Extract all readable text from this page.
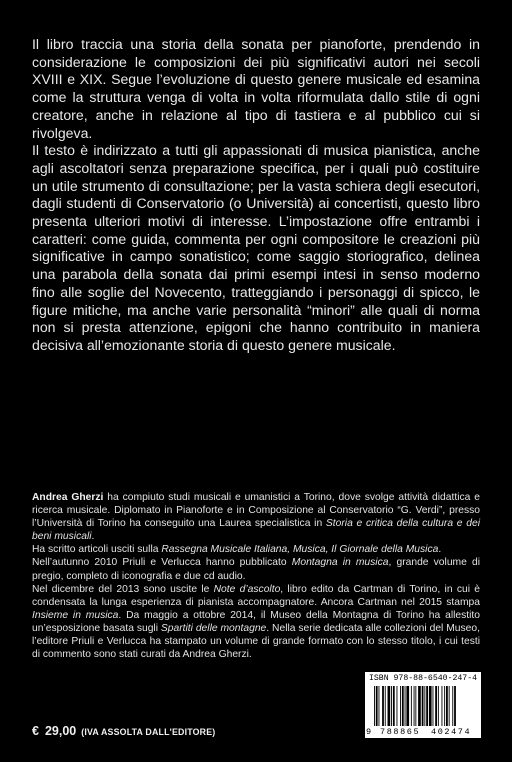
Il libro traccia una storia della sonata per pianoforte, prendendo in considerazione le composizioni dei più significativi autori nei secoli XVIII e XIX. Segue l’evoluzione di questo genere musicale ed esamina come la struttura venga di volta in volta riformulata dallo stile di ogni creatore, anche in relazione al tipo di tastiera e al pubblico cui si rivolgeva.

Il testo è indirizzato a tutti gli appassionati di musica pianistica, anche agli ascoltatori senza preparazione specifica, per i quali può costituire un utile strumento di consultazione; per la vasta schiera degli esecutori, dagli studenti di Conservatorio (o Università) ai concertisti, questo libro presenta ulteriori motivi di interesse. L’impostazione offre entrambi i caratteri: come guida, commenta per ogni compositore le creazioni più significative in campo sonatistico; come saggio storiografico, delinea una parabola della sonata dai primi esempi intesi in senso moderno fino alle soglie del Novecento, tratteggiando i personaggi di spicco, le figure mitiche, ma anche varie personalità “minori” alle quali di norma non si presta attenzione, epigoni che hanno contribuito in maniera decisiva all’emozionante storia di questo genere musicale.

Andrea Gherzi ha compiuto studi musicali e umanistici a Torino, dove svolge attività didattica e ricerca musicale. Diplomato in Pianoforte e in Composizione al Conservatorio “G. Verdi”, presso l’Università di Torino ha conseguito una Laurea specialistica in Storia e critica della cultura e dei beni musicali.

Ha scritto articoli usciti sulla Rassegna Musicale Italiana, Musica, Il Giornale della Musica.

Nell’autunno 2010 Priuli e Verlucca hanno pubblicato Montagna in musica, grande volume di pregio, completo di iconografia e due cd audio.

Nel dicembre del 2013 sono uscite le Note d’ascolto, libro edito da Cartman di Torino, in cui è condensata la lunga esperienza di pianista accompagnatore. Ancora Cartman nel 2015 stampa Insieme in musica. Da maggio a ottobre 2014, il Museo della Montagna di Torino ha allestito un’esposizione basata sugli Spartiti delle montagne. Nella serie dedicata alle collezioni del Museo, l’editore Priuli e Verlucca ha stampato un volume di grande formato con lo stesso titolo, i cui testi di commento sono stati curati da Andrea Gherzi.

ISBN 978-88-6540-247-4
9 788865 402474
€ 29,00 (IVA ASSOLTA DALL'EDITORE)
